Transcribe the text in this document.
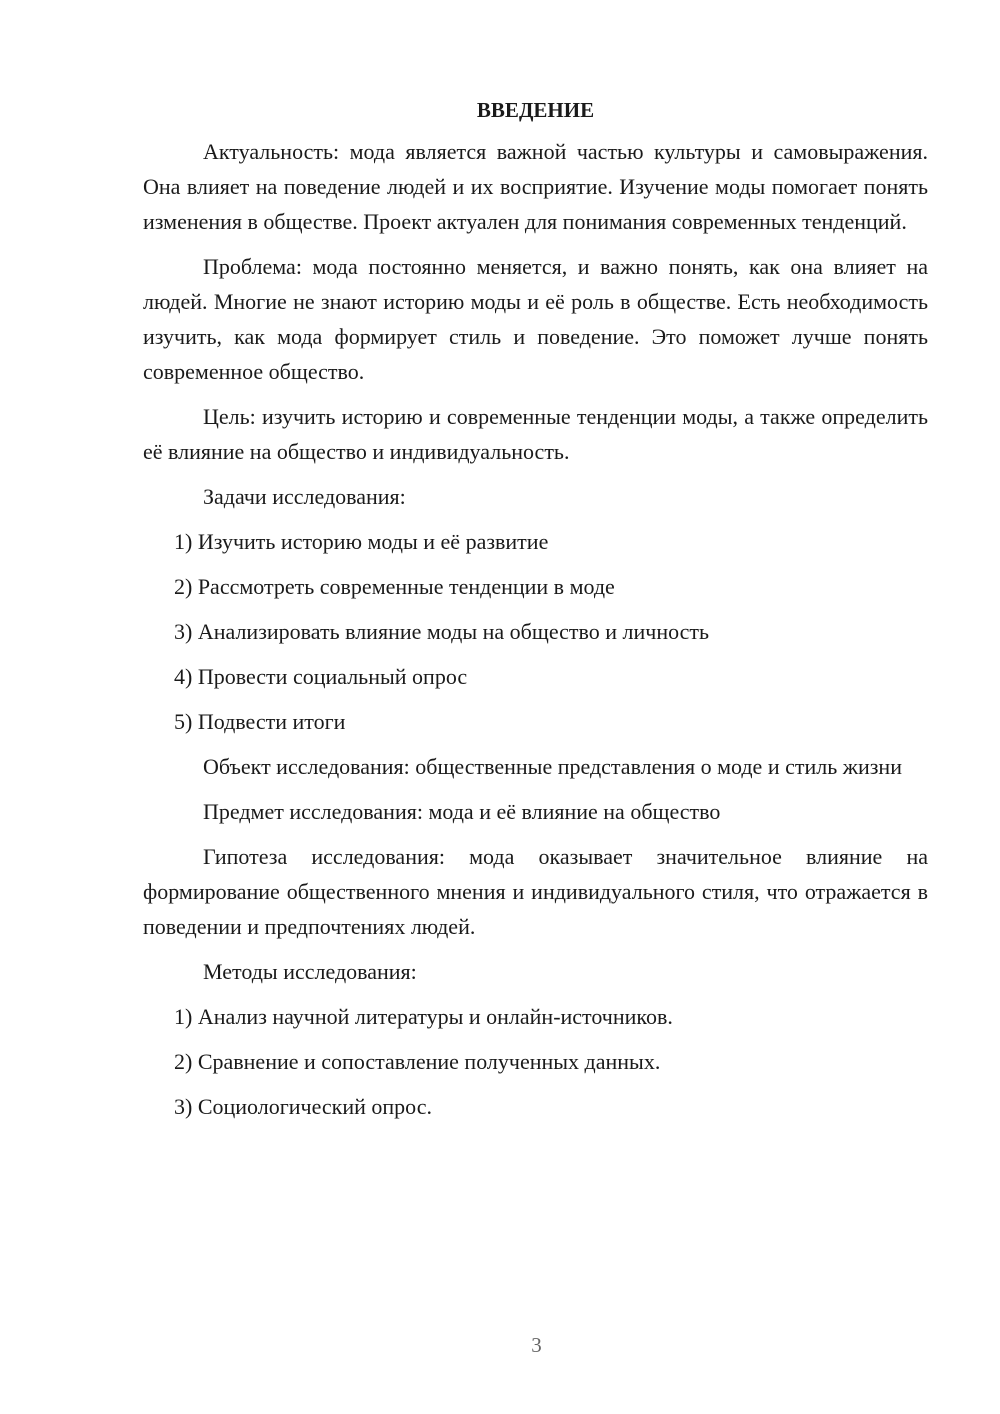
ВВЕДЕНИЕ

Актуальность: мода является важной частью культуры и самовыражения. Она влияет на поведение людей и их восприятие. Изучение моды помогает понять изменения в обществе. Проект актуален для понимания современных тенденций.

Проблема: мода постоянно меняется, и важно понять, как она влияет на людей. Многие не знают историю моды и её роль в обществе. Есть необходимость изучить, как мода формирует стиль и поведение. Это поможет лучше понять современное общество.

Цель: изучить историю и современные тенденции моды, а также определить её влияние на общество и индивидуальность.

Задачи исследования:

1) Изучить историю моды и её развитие
2) Рассмотреть современные тенденции в моде
3) Анализировать влияние моды на общество и личность
4) Провести социальный опрос
5) Подвести итоги

Объект исследования: общественные представления о моде и стиль жизни

Предмет исследования: мода и её влияние на общество

Гипотеза исследования: мода оказывает значительное влияние на формирование общественного мнения и индивидуального стиля, что отражается в поведении и предпочтениях людей.

Методы исследования:

1) Анализ научной литературы и онлайн-источников.
2) Сравнение и сопоставление полученных данных.
3) Социологический опрос.
3
